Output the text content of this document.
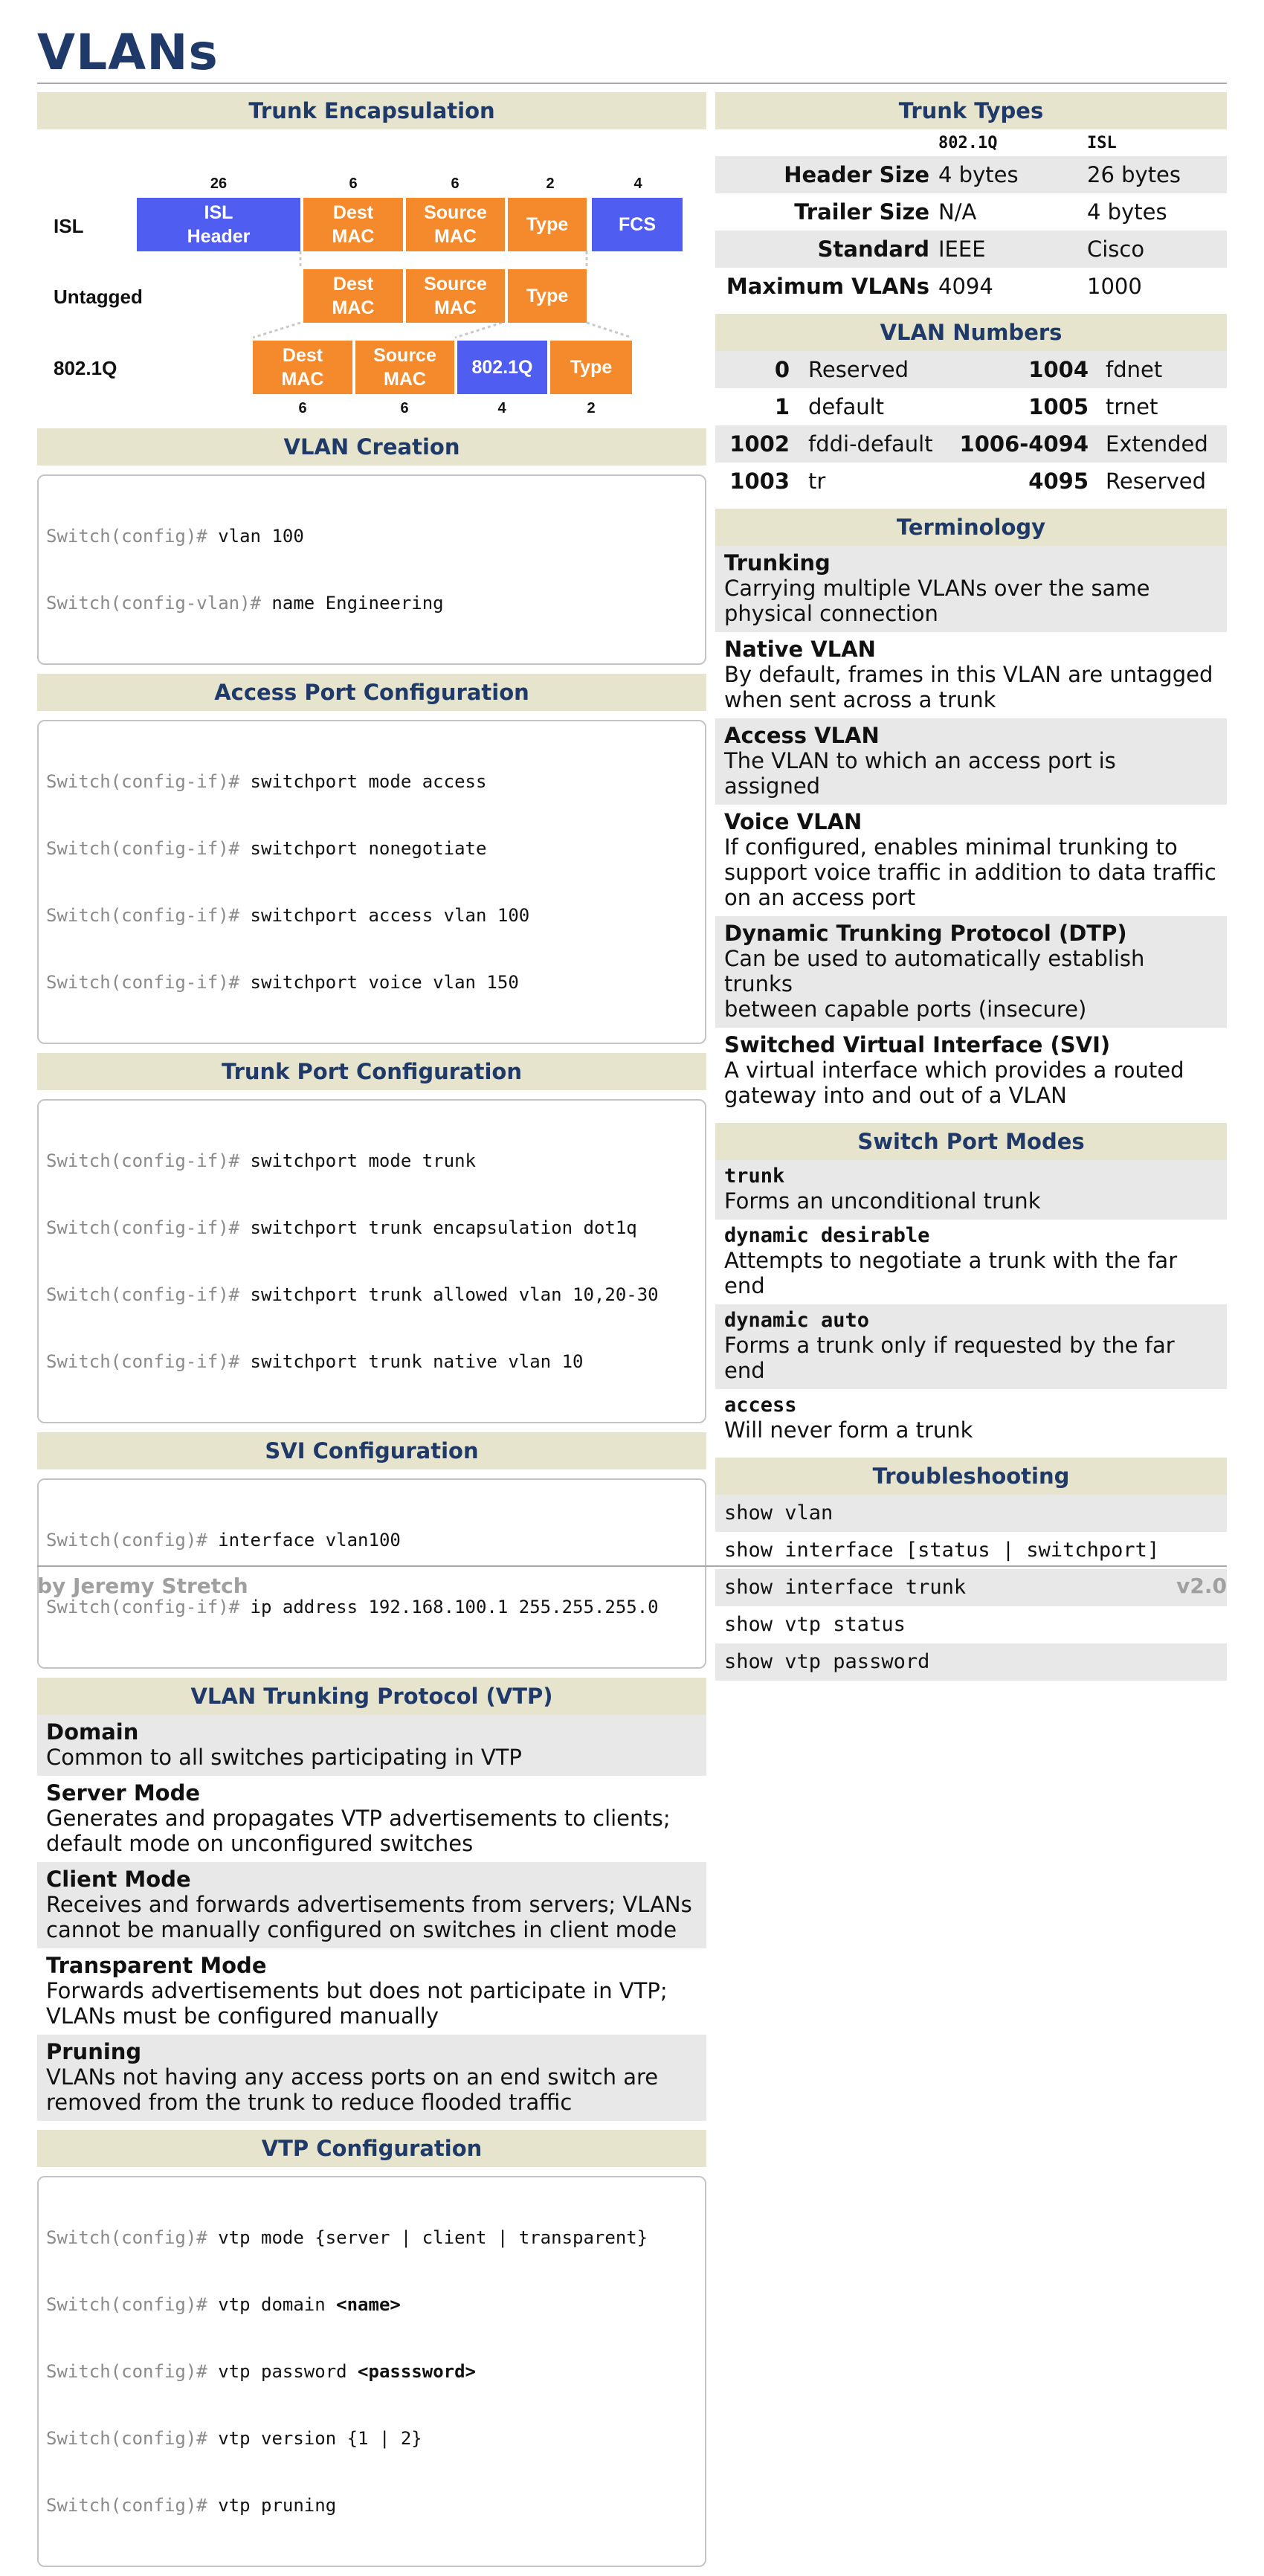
VLANs
Trunk Encapsulation
ISL
Untagged
802.1Q
26	6	6	2	4
ISL
Header
Dest
MAC
Source
MAC
Type	FCS
Dest
MAC
Source
MAC
Type
Dest
MAC
Source
MAC
802.1Q	Type
6	6	4	2
VLAN Creation

Switch(config)# vlan 100

Switch(config-vlan)# name Engineering

Access Port Configuration

Switch(config-if)# switchport mode access

Switch(config-if)# switchport nonegotiate

Switch(config-if)# switchport access vlan 100

Switch(config-if)# switchport voice vlan 150

Trunk Port Configuration

Switch(config-if)# switchport mode trunk

Switch(config-if)# switchport trunk encapsulation dot1q

Switch(config-if)# switchport trunk allowed vlan 10,20-30

Switch(config-if)# switchport trunk native vlan 10

SVI Configuration

Switch(config)# interface vlan100

Switch(config-if)# ip address 192.168.100.1 255.255.255.0

VLAN Trunking Protocol (VTP)
Domain
Common to all switches participating in VTP
Server Mode
Generates and propagates VTP advertisements to clients;
default mode on unconfigured switches
Client Mode
Receives and forwards advertisements from servers; VLANs
cannot be manually configured on switches in client mode
Transparent Mode
Forwards advertisements but does not participate in VTP;
VLANs must be configured manually
Pruning
VLANs not having any access ports on an end switch are
removed from the trunk to reduce flooded traffic
VTP Configuration

Switch(config)# vtp mode {server | client | transparent}

Switch(config)# vtp domain <name>

Switch(config)# vtp password <passsword>

Switch(config)# vtp version {1 | 2}

Switch(config)# vtp pruning

Trunk Types
802.1Q	ISL
Header Size 4 bytes	26 bytes
Trailer Size N/A	4 bytes
Standard IEEE	Cisco
Maximum VLANs 4094	1000
VLAN Numbers
0 Reserved	1004 fdnet
1 default	1005 trnet
1002 fddi-default 1006-4094 Extended
1003 tr	4095 Reserved
Terminology
Trunking
Carrying multiple VLANs over the same
physical connection
Native VLAN
By default, frames in this VLAN are untagged
when sent across a trunk
Access VLAN
The VLAN to which an access port is assigned
Voice VLAN
If configured, enables minimal trunking to
support voice traffic in addition to data traffic
on an access port
Dynamic Trunking Protocol (DTP)
Can be used to automatically establish trunks
between capable ports (insecure)
Switched Virtual Interface (SVI)
A virtual interface which provides a routed
gateway into and out of a VLAN
Switch Port Modes
trunk
Forms an unconditional trunk
dynamic desirable
Attempts to negotiate a trunk with the far end
dynamic auto
Forms a trunk only if requested by the far end
access
Will never form a trunk
Troubleshooting
show vlan
show interface [status | switchport]
show interface trunk
show vtp status
show vtp password
by Jeremy Stretch	v2.0
